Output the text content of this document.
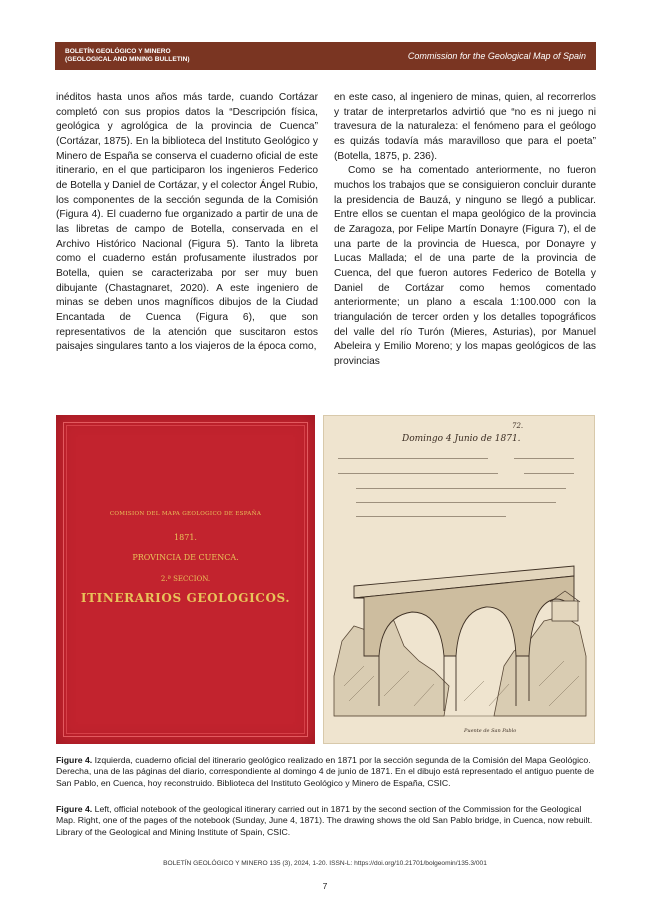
BOLETÍN GEOLÓGICO Y MINERO
(GEOLOGICAL AND MINING BULLETIN)	Commission for the Geological Map of Spain

inéditos hasta unos años más tarde, cuando Cortázar completó con sus propios datos la “Descripción física, geológica y agrológica de la provincia de Cuenca” (Cortázar, 1875). En la biblioteca del Instituto Geológico y Minero de España se conserva el cuaderno oficial de este itinerario, en el que participaron los ingenieros Federico de Botella y Daniel de Cortázar, y el colector Ángel Rubio, los componentes de la sección segunda de la Comisión (Figura 4). El cuaderno fue organizado a partir de una de las libretas de campo de Botella, conservada en el Archivo Histórico Nacional (Figura 5). Tanto la libreta como el cuaderno están profusamente ilustrados por Botella, quien se caracterizaba por ser muy buen dibujante (Chastagnaret, 2020). A este ingeniero de minas se deben unos magníficos dibujos de la Ciudad Encantada de Cuenca (Figura 6), que son representativos de la atención que suscitaron estos paisajes singulares tanto a los viajeros de la época como,

en este caso, al ingeniero de minas, quien, al recorrerlos y tratar de interpretarlos advirtió que “no es ni juego ni travesura de la naturaleza: el fenómeno para el geólogo es quizás todavía más maravilloso que para el poeta” (Botella, 1875, p. 236).

Como se ha comentado anteriormente, no fueron muchos los trabajos que se consiguieron concluir durante la presidencia de Bauzá, y ninguno se llegó a publicar. Entre ellos se cuentan el mapa geológico de la provincia de Zaragoza, por Felipe Martín Donayre (Figura 7), el de una parte de la provincia de Huesca, por Donayre y Lucas Mallada; el de una parte de la provincia de Cuenca, del que fueron autores Federico de Botella y Daniel de Cortázar como hemos comentado anteriormente; un plano a escala 1:100.000 con la triangulación de tercer orden y los detalles topográficos del valle del río Turón (Mieres, Asturias), por Manuel Abeleira y Emilio Moreno; y los mapas geológicos de las provincias

COMISION DEL MAPA GEOLOGICO DE ESPAÑA
1871.
PROVINCIA DE CUENCA.
2.ª SECCION.
ITINERARIOS GEOLOGICOS.
72.
Domingo 4 Junio de 1871.
Puente de San Pablo
Figure 4. Izquierda, cuaderno oficial del itinerario geológico realizado en 1871 por la sección segunda de la Comisión del Mapa Geológico. Derecha, una de las páginas del diario, correspondiente al domingo 4 de junio de 1871. En el dibujo está representado el antiguo puente de San Pablo, en Cuenca, hoy reconstruido. Biblioteca del Instituto Geológico y Minero de España, CSIC.
Figure 4. Left, official notebook of the geological itinerary carried out in 1871 by the second section of the Commission for the Geological Map. Right, one of the pages of the notebook (Sunday, June 4, 1871). The drawing shows the old San Pablo bridge, in Cuenca, now rebuilt. Library of the Geological and Mining Institute of Spain, CSIC.
BOLETÍN GEOLÓGICO Y MINERO 135 (3), 2024, 1-20. ISSN-L: https://doi.org/10.21701/bolgeomin/135.3/001
7
